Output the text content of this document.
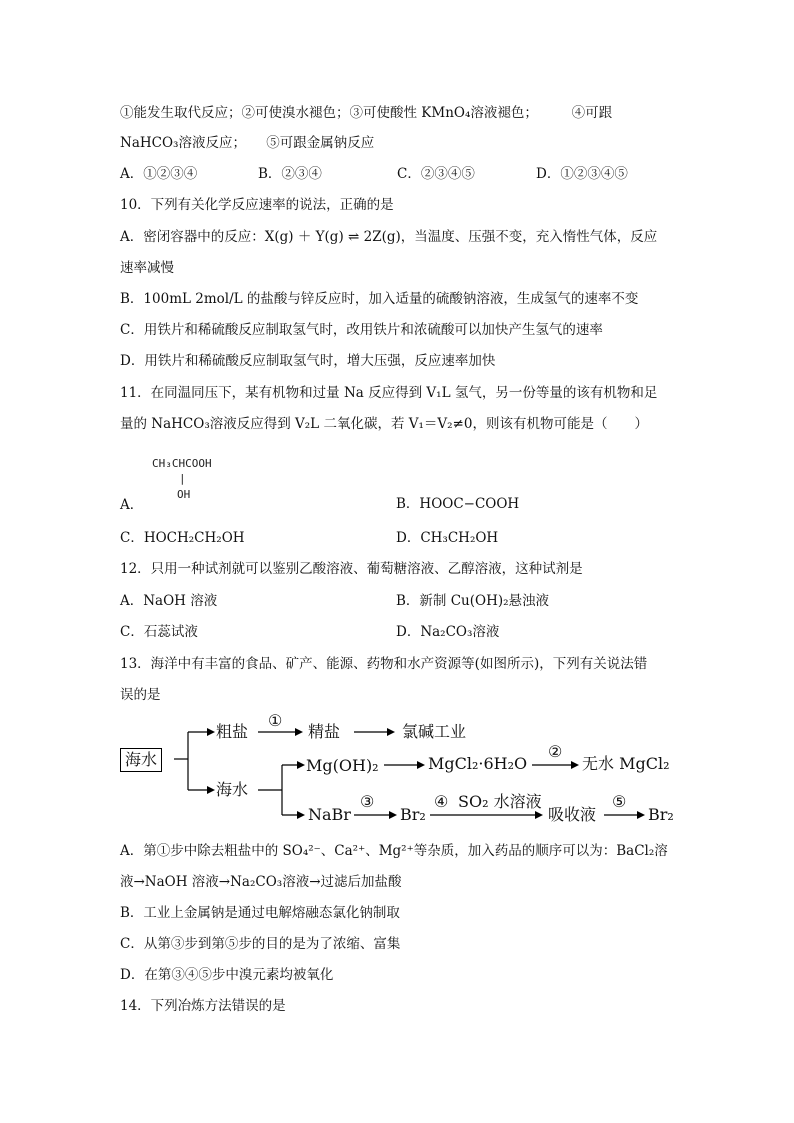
①能发生取代反应；②可使溴水褪色；③可使酸性 KMnO₄溶液褪色；　　　④可跟
NaHCO₃溶液反应；　　⑤可跟金属钠反应
A．①②③④	B．②③④	C．②③④⑤	D．①②③④⑤
10．下列有关化学反应速率的说法，正确的是
A．密闭容器中的反应：X(g) ＋ Y(g) ⇌ 2Z(g)，当温度、压强不变，充入惰性气体，反应
速率减慢
B．100mL 2mol/L 的盐酸与锌反应时，加入适量的硫酸钠溶液，生成氢气的速率不变
C．用铁片和稀硫酸反应制取氢气时，改用铁片和浓硫酸可以加快产生氢气的速率
D．用铁片和稀硫酸反应制取氢气时，增大压强，反应速率加快
11．在同温同压下，某有机物和过量 Na 反应得到 V₁L 氢气，另一份等量的该有机物和足
量的 NaHCO₃溶液反应得到 V₂L 二氧化碳，若 V₁＝V₂≠0，则该有机物可能是（　　）
CH₃CHCOOH
|
OH
A．	B．HOOC−COOH
C．HOCH₂CH₂OH	D．CH₃CH₂OH
12．只用一种试剂就可以鉴别乙酸溶液、葡萄糖溶液、乙醇溶液，这种试剂是
A．NaOH 溶液	B．新制 Cu(OH)₂悬浊液
C．石蕊试液	D．Na₂CO₃溶液
13．海洋中有丰富的食品、矿产、能源、药物和水产资源等(如图所示)，下列有关说法错
误的是
海水
粗盐
①
精盐	氯碱工业
海水
Mg(OH)₂	MgCl₂·6H₂O
②
无水 MgCl₂
NaBr
③
Br₂
④ SO₂ 水溶液
吸收液
⑤
Br₂
A．第①步中除去粗盐中的 SO₄²⁻、Ca²⁺、Mg²⁺等杂质，加入药品的顺序可以为：BaCl₂溶
液→NaOH 溶液→Na₂CO₃溶液→过滤后加盐酸
B．工业上金属钠是通过电解熔融态氯化钠制取
C．从第③步到第⑤步的目的是为了浓缩、富集
D．在第③④⑤步中溴元素均被氧化
14．下列冶炼方法错误的是
